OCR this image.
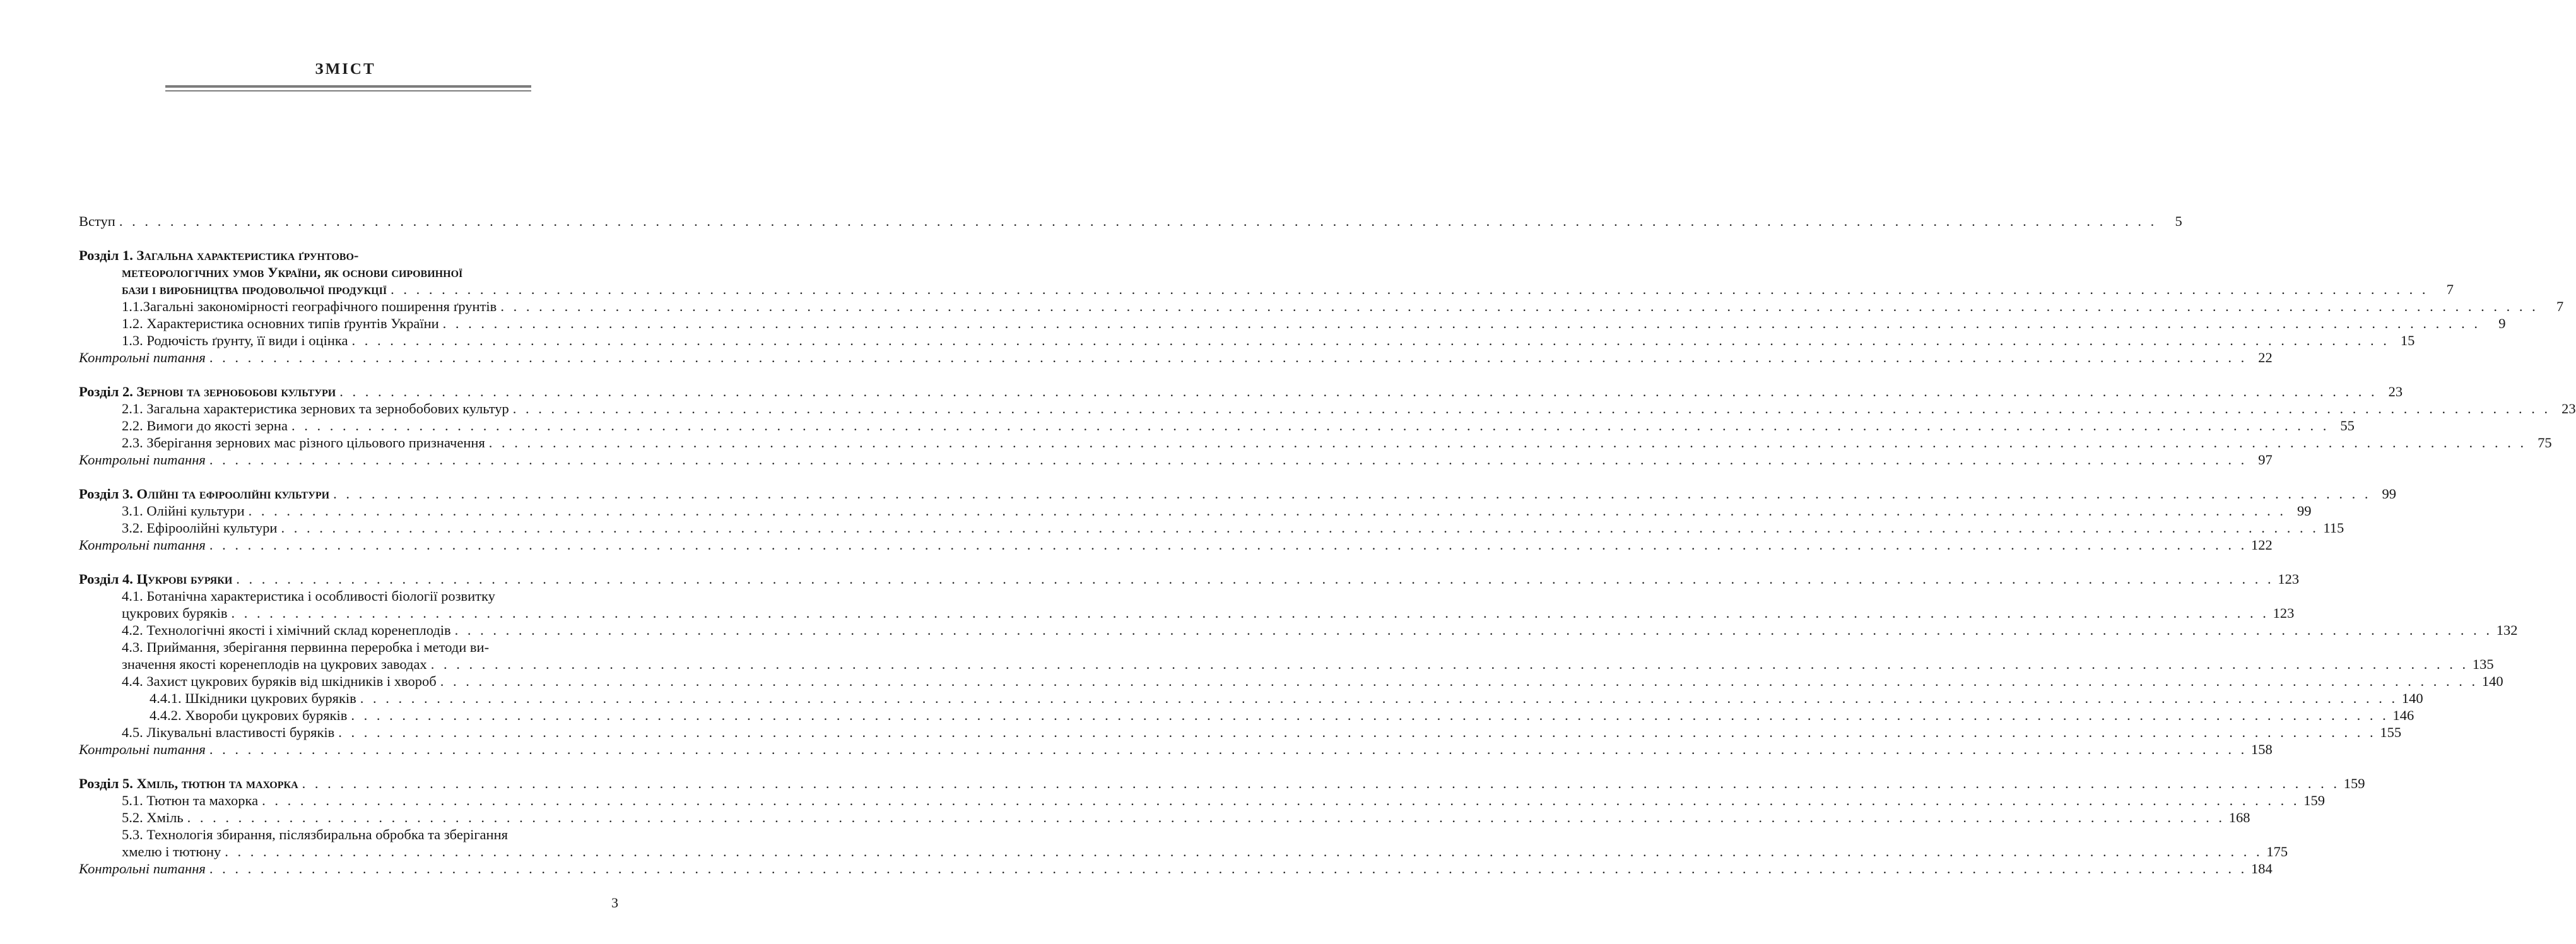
ЗМІСТ
Вступ . . .	5
Розділ 1. Загальна характеристика ґрунтово-
метеорологічних умов України, як основи сировинної
бази і виробництва продовольчої продукції . . .	7
1.1.Загальні закономірності географічного поширення ґрунтів . . .	7
1.2. Характеристика основних типів ґрунтів України . . .	9
1.3. Родючість ґрунту, її види і оцінка . . .	15
Контрольні питання . . .	22
Розділ 2. Зернові та зернобобові культури . . .	23
2.1. Загальна характеристика зернових та зернобобових культур . . .	23
2.2. Вимоги до якості зерна . . .	55
2.3. Зберігання зернових мас різного цільового призначення . . .	75
Контрольні питання . . .	97
Розділ 3. Олійні та ефіроолійні культури . . .	99
3.1. Олійні культури . . .	99
3.2. Ефіроолійні культури . . .	115
Контрольні питання . . .	122
Розділ 4. Цукрові буряки . . .	123
4.1. Ботанічна характеристика і особливості біології розвитку
цукрових буряків . . .	123
4.2. Технологічні якості і хімічний склад коренеплодів . . .	132
4.3. Приймання, зберігання первинна переробка і методи ви-
значення якості коренеплодів на цукрових заводах . . .	135
4.4. Захист цукрових буряків від шкідників і хвороб . . .	140
4.4.1. Шкідники цукрових буряків . . .	140
4.4.2. Хвороби цукрових буряків . . .	146
4.5. Лікувальні властивості буряків . . .	155
Контрольні питання . . .	158
Розділ 5. Хміль, тютюн та махорка . . .	159
5.1. Тютюн та махорка . . .	159
5.2. Хміль . . .	168
5.3. Технологія збирання, післязбиральна обробка та зберігання
хмелю і тютюну . . .	175
Контрольні питання . . .	184
3
